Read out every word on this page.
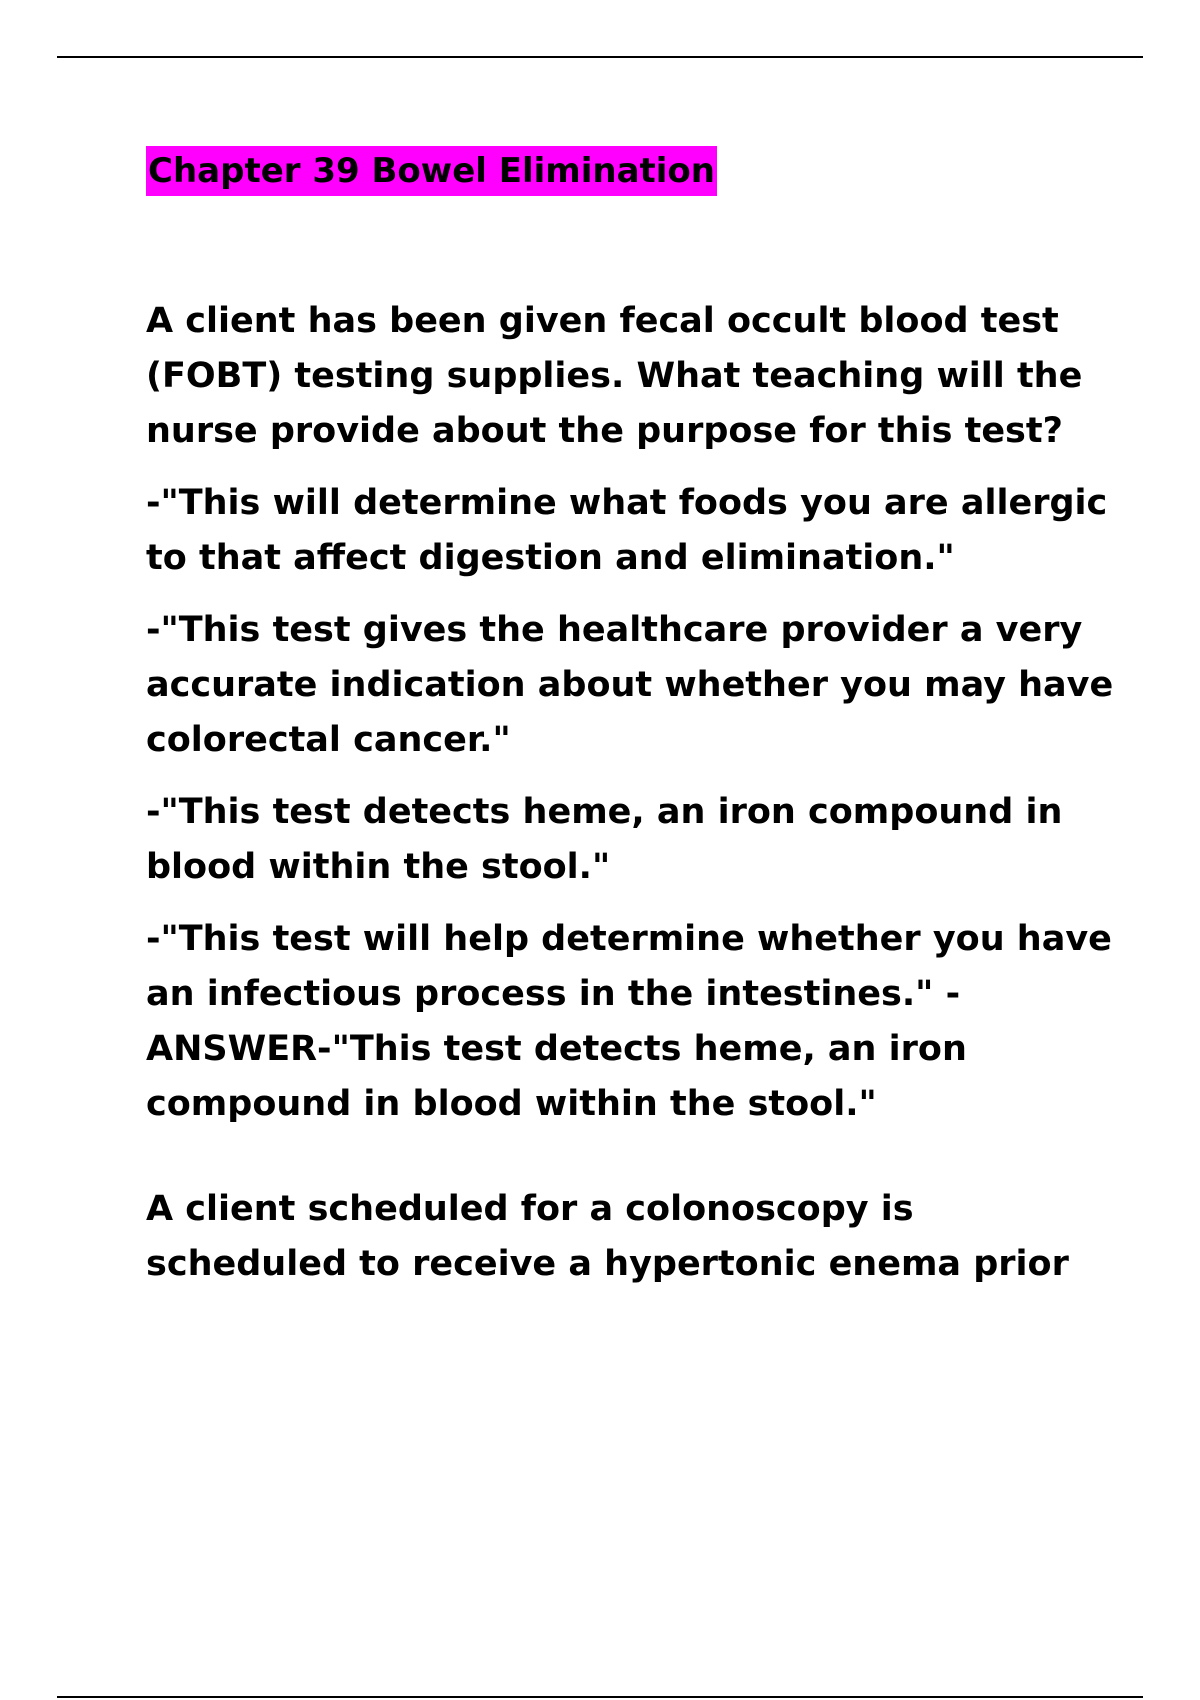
Chapter 39 Bowel Elimination

A client has been given fecal occult blood test (FOBT) testing supplies. What teaching will the nurse provide about the purpose for this test?

-"This will determine what foods you are allergic to that affect digestion and elimination."

-"This test gives the healthcare provider a very accurate indication about whether you may have colorectal cancer."

-"This test detects heme, an iron compound in blood within the stool."

-"This test will help determine whether you have an infectious process in the intestines." - ANSWER-"This test detects heme, an iron compound in blood within the stool."

A client scheduled for a colonoscopy is scheduled to receive a hypertonic enema prior
